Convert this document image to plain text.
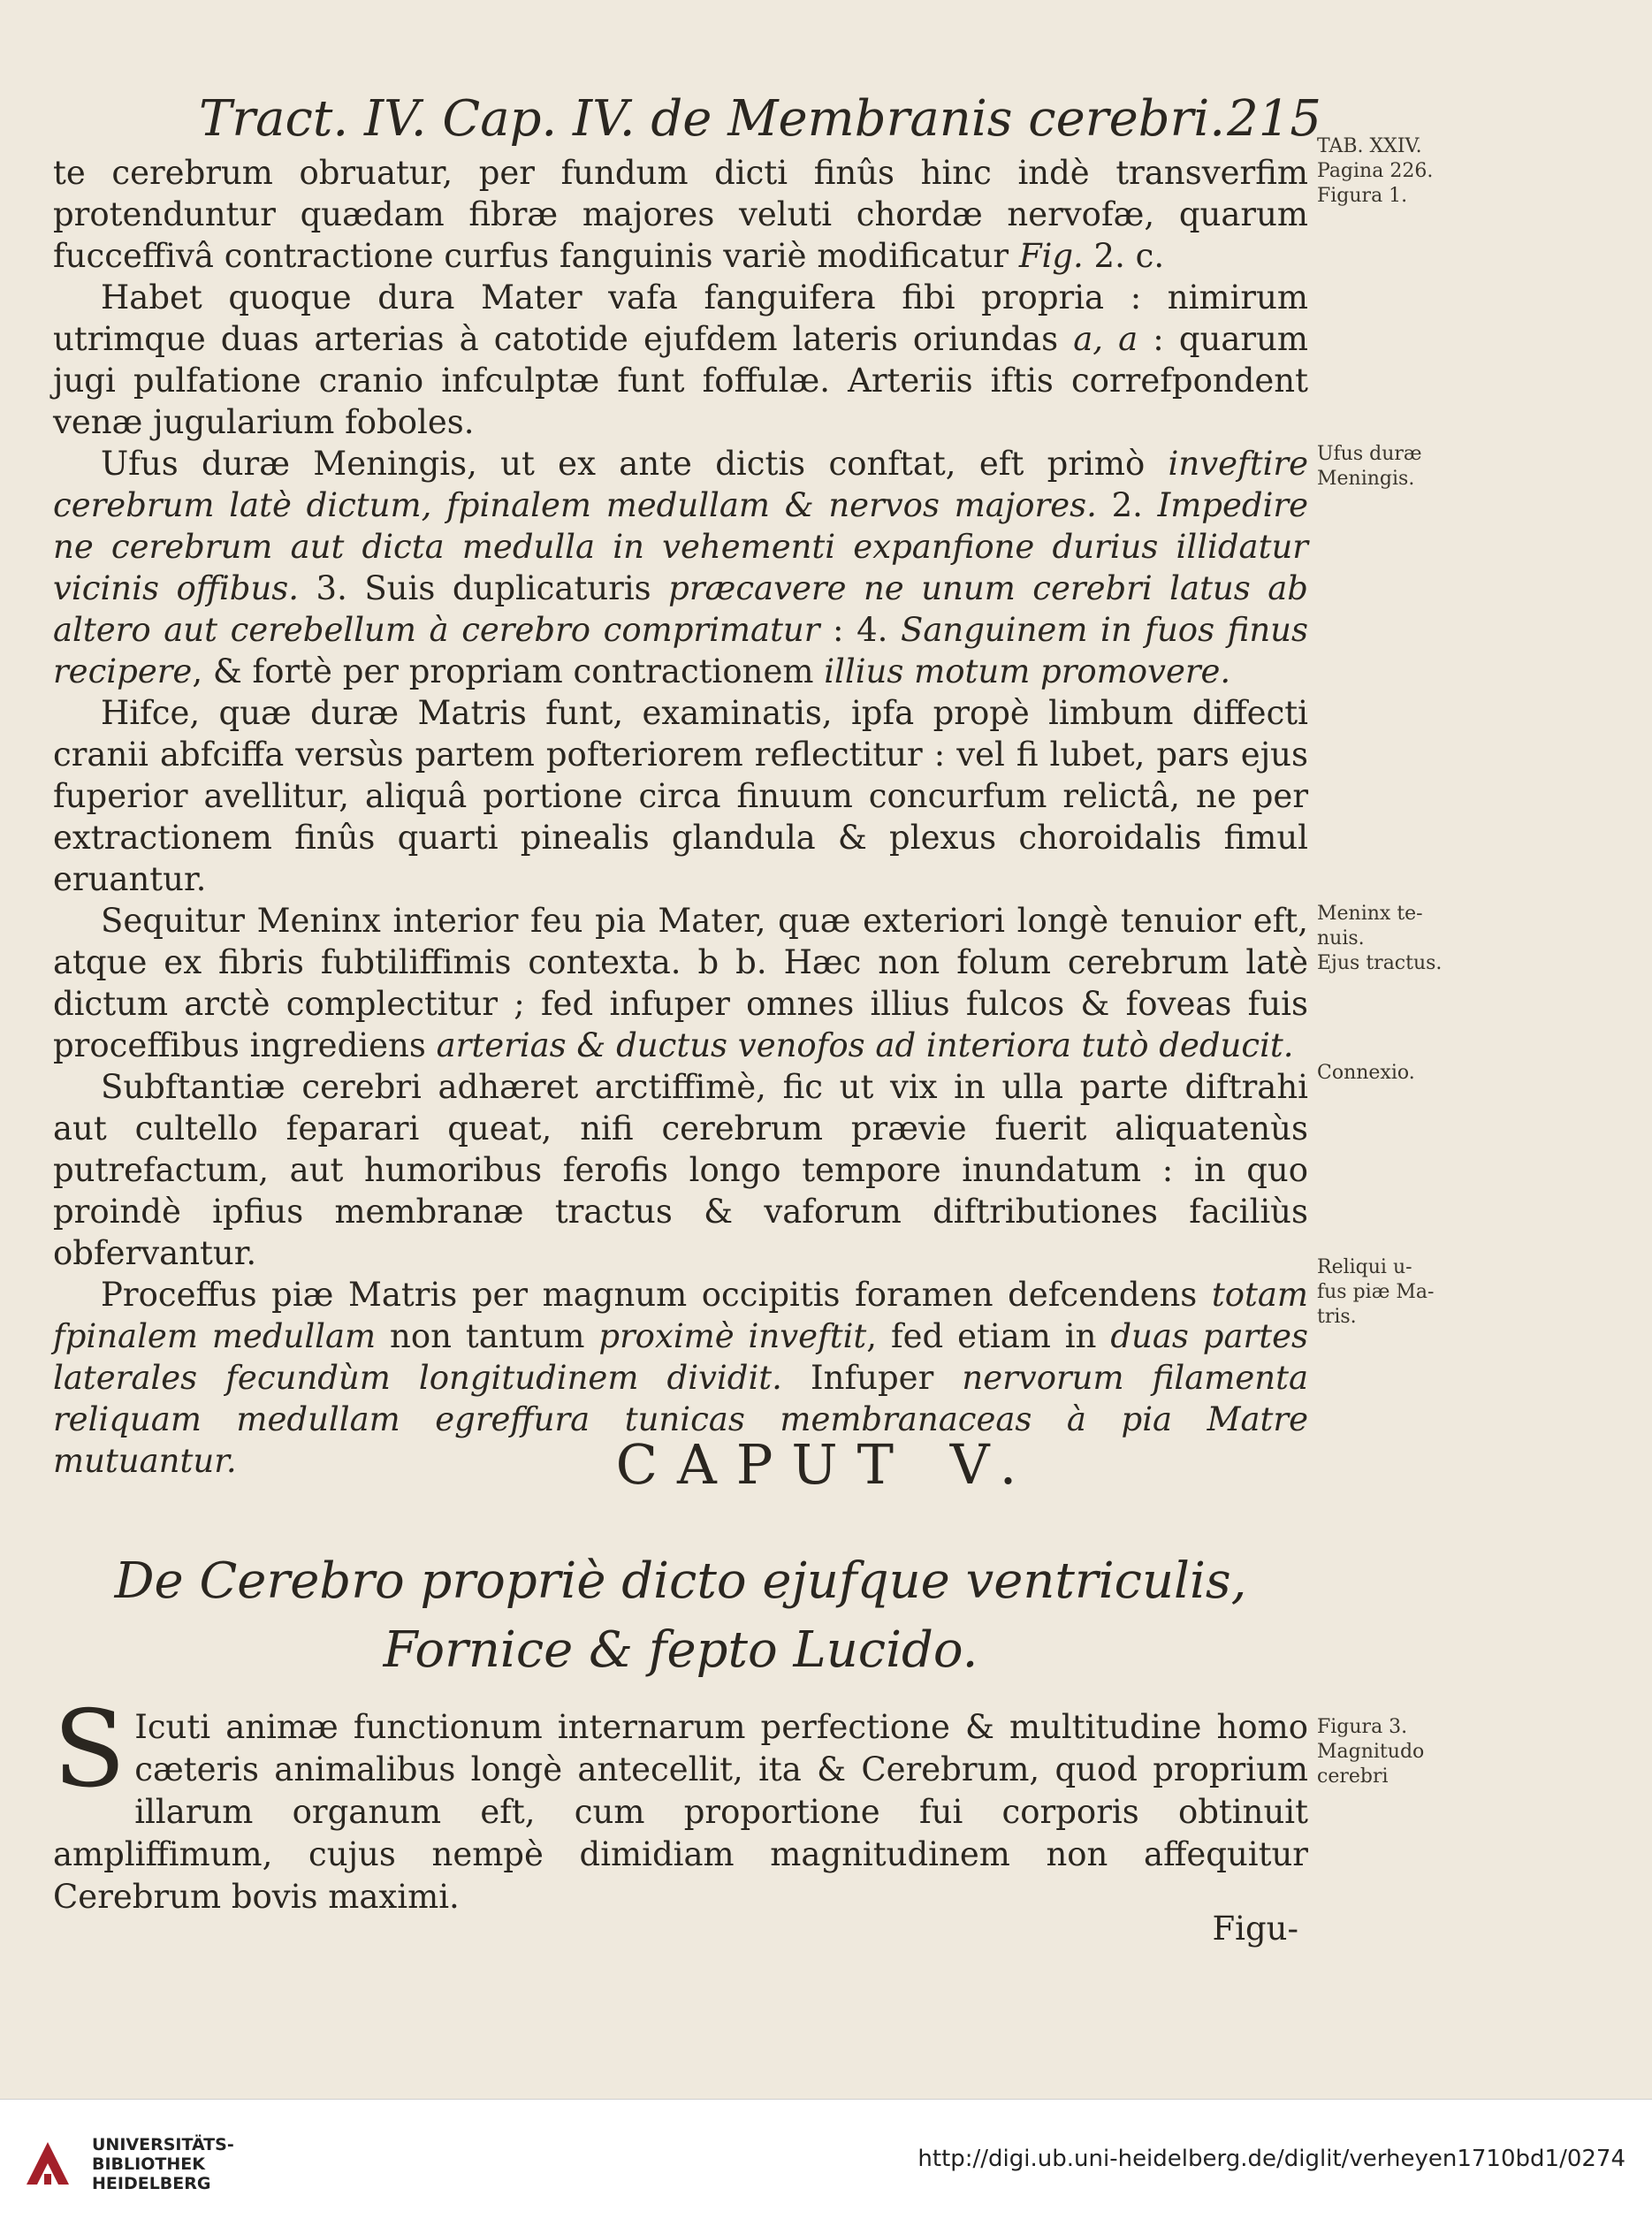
Tract. IV. Cap. IV. de Membranis cerebri. 215

te cerebrum obruatur, per fundum dicti finûs hinc indè transverfim protenduntur quædam fibræ majores veluti chordæ nervofæ, quarum fucceffivâ contractione curfus fanguinis variè modificatur Fig. 2. c.

Habet quoque dura Mater vafa fanguifera fibi propria : nimirum utrimque duas arterias à catotide ejufdem lateris oriundas a, a : quarum jugi pulfatione cranio infculptæ funt foffulæ. Arteriis iftis correfpondent venæ jugularium foboles.

Ufus duræ Meningis, ut ex ante dictis conftat, eft primò inveftire cerebrum latè dictum, fpinalem medullam & nervos majores. 2. Impedire ne cerebrum aut dicta medulla in vehementi expanfione durius illidatur vicinis offibus. 3. Suis duplicaturis præcavere ne unum cerebri latus ab altero aut cerebellum à cerebro comprimatur : 4. Sanguinem in fuos finus recipere, & fortè per propriam contractionem illius motum promovere.

Hifce, quæ duræ Matris funt, examinatis, ipfa propè limbum diffecti cranii abfciffa versùs partem pofteriorem reflectitur : vel fi lubet, pars ejus fuperior avellitur, aliquâ portione circa finuum concurfum relictâ, ne per extractionem finûs quarti pinealis glandula & plexus choroidalis fimul eruantur.

Sequitur Meninx interior feu pia Mater, quæ exteriori longè tenuior eft, atque ex fibris fubtiliffimis contexta. b b. Hæc non folum cerebrum latè dictum arctè complectitur ; fed infuper omnes illius fulcos & foveas fuis proceffibus ingrediens arterias & ductus venofos ad interiora tutò deducit.

Subftantiæ cerebri adhæret arctiffimè, fic ut vix in ulla parte diftrahi aut cultello feparari queat, nifi cerebrum prævie fuerit aliquatenùs putrefactum, aut humoribus ferofis longo tempore inundatum : in quo proindè ipfius membranæ tractus & vaforum diftributiones faciliùs obfervantur.

Proceffus piæ Matris per magnum occipitis foramen defcendens totam fpinalem medullam non tantum proximè inveftit, fed etiam in duas partes laterales fecundùm longitudinem dividit. Infuper nervorum filamenta reliquam medullam egreffura tunicas membranaceas à pia Matre mutuantur.	CAPUT V.
De Cerebro propriè dicto ejufque ventriculis,
Fornice & fepto Lucido.

S Icuti animæ functionum internarum perfectione & multitudine homo cæteris animalibus longè antecellit, ita & Cerebrum, quod proprium illarum organum eft, cum proportione fui corporis obtinuit ampliffimum, cujus nempè dimidiam magnitudinem non affequitur Cerebrum bovis maximi.

Figu-
TAB. XXIV.
Pagina 226.
Figura 1.
Ufus duræ
Meningis.
Meninx te-
nuis.
Ejus tractus.
Connexio.
Reliqui u-
fus piæ Ma-
tris.
Figura 3.
Magnitudo
cerebri
UNIVERSITÄTS-
BIBLIOTHEK
HEIDELBERG
http://digi.ub.uni-heidelberg.de/diglit/verheyen1710bd1/0274
